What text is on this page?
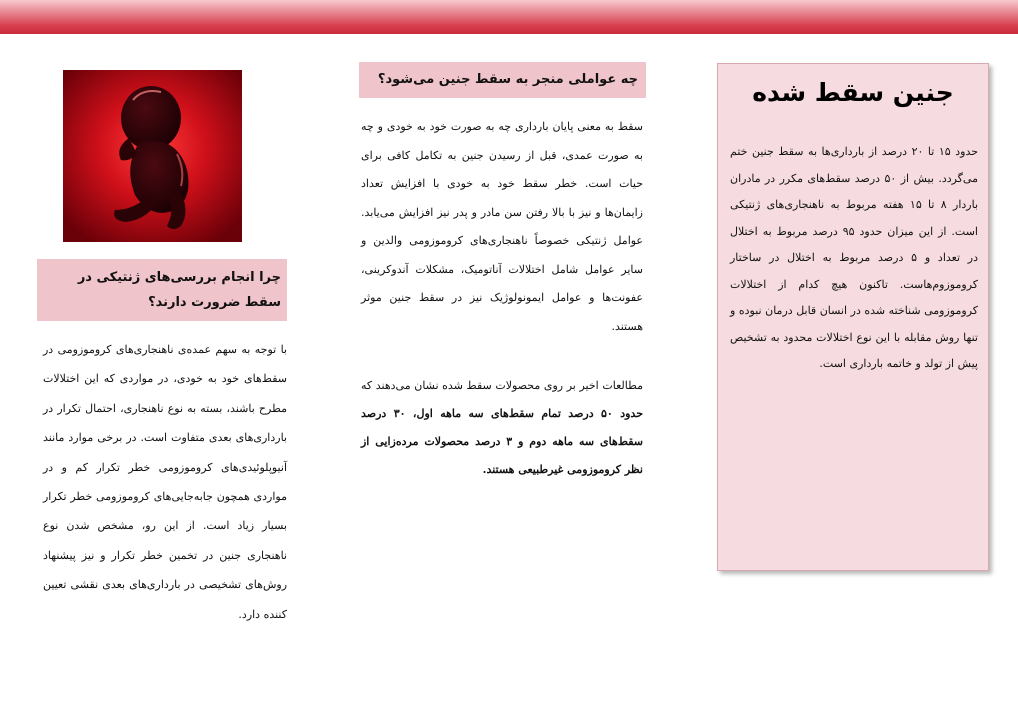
جنین سقط شده

حدود ۱۵ تا ۲۰ درصد از بارداری‌ها به سقط جنین ختم می‌گردد. بیش از ۵۰ درصد سقط‌های مکرر در مادران باردار ۸ تا ۱۵ هفته مربوط به ناهنجاری‌های ژنتیکی است. از این میزان حدود ۹۵ درصد مربوط به اختلال در تعداد و ۵ درصد مربوط به اختلال در ساختار کروموزوم‌هاست. تاکنون هیچ کدام از اختلالات کروموزومی شناخته شده در انسان قابل درمان نبوده و تنها روش مقابله با این نوع اختلالات محدود به تشخیص پیش از تولد و خاتمه بارداری است.

چه عواملی منجر به سقط جنین می‌شود؟

سقط به معنی پایان بارداری چه به صورت خود به خودی و چه به صورت عمدی، قبل از رسیدن جنین به تکامل کافی برای حیات است. خطر سقط خود به خودی با افزایش تعداد زایمان‌ها و نیز با بالا رفتن سن مادر و پدر نیز افزایش می‌یابد. عوامل ژنتیکی خصوصاً ناهنجاری‌های کروموزومی والدین و سایر عوامل شامل اختلالات آناتومیک، مشکلات آندوکرینی، عفونت‌ها و عوامل ایمونولوژیک نیز در سقط جنین موثر هستند.

مطالعات اخیر بر روی محصولات سقط شده نشان می‌دهند که حدود ۵۰ درصد تمام سقط‌های سه ماهه اول، ۳۰ درصد سقط‌های سه ماهه دوم و ۳ درصد محصولات مرده‌زایی از نظر کروموزومی غیرطبیعی هستند.

چرا انجام بررسی‌های ژنتیکی در سقط ضرورت دارند؟

با توجه به سهم عمده‌ی ناهنجاری‌های کروموزومی در سقط‌های خود به خودی، در مواردی که این اختلالات مطرح باشند، بسته به نوع ناهنجاری، احتمال تکرار در بارداری‌های بعدی متفاوت است. در برخی موارد مانند آنیوپلوئیدی‌های کروموزومی خطر تکرار کم و در مواردی همچون جابه‌جایی‌های کروموزومی خطر تکرار بسیار زیاد است. از این رو، مشخص شدن نوع ناهنجاری جنین در تخمین خطر تکرار و نیز پیشنهاد روش‌های تشخیصی در بارداری‌های بعدی نقشی تعیین کننده دارد.
